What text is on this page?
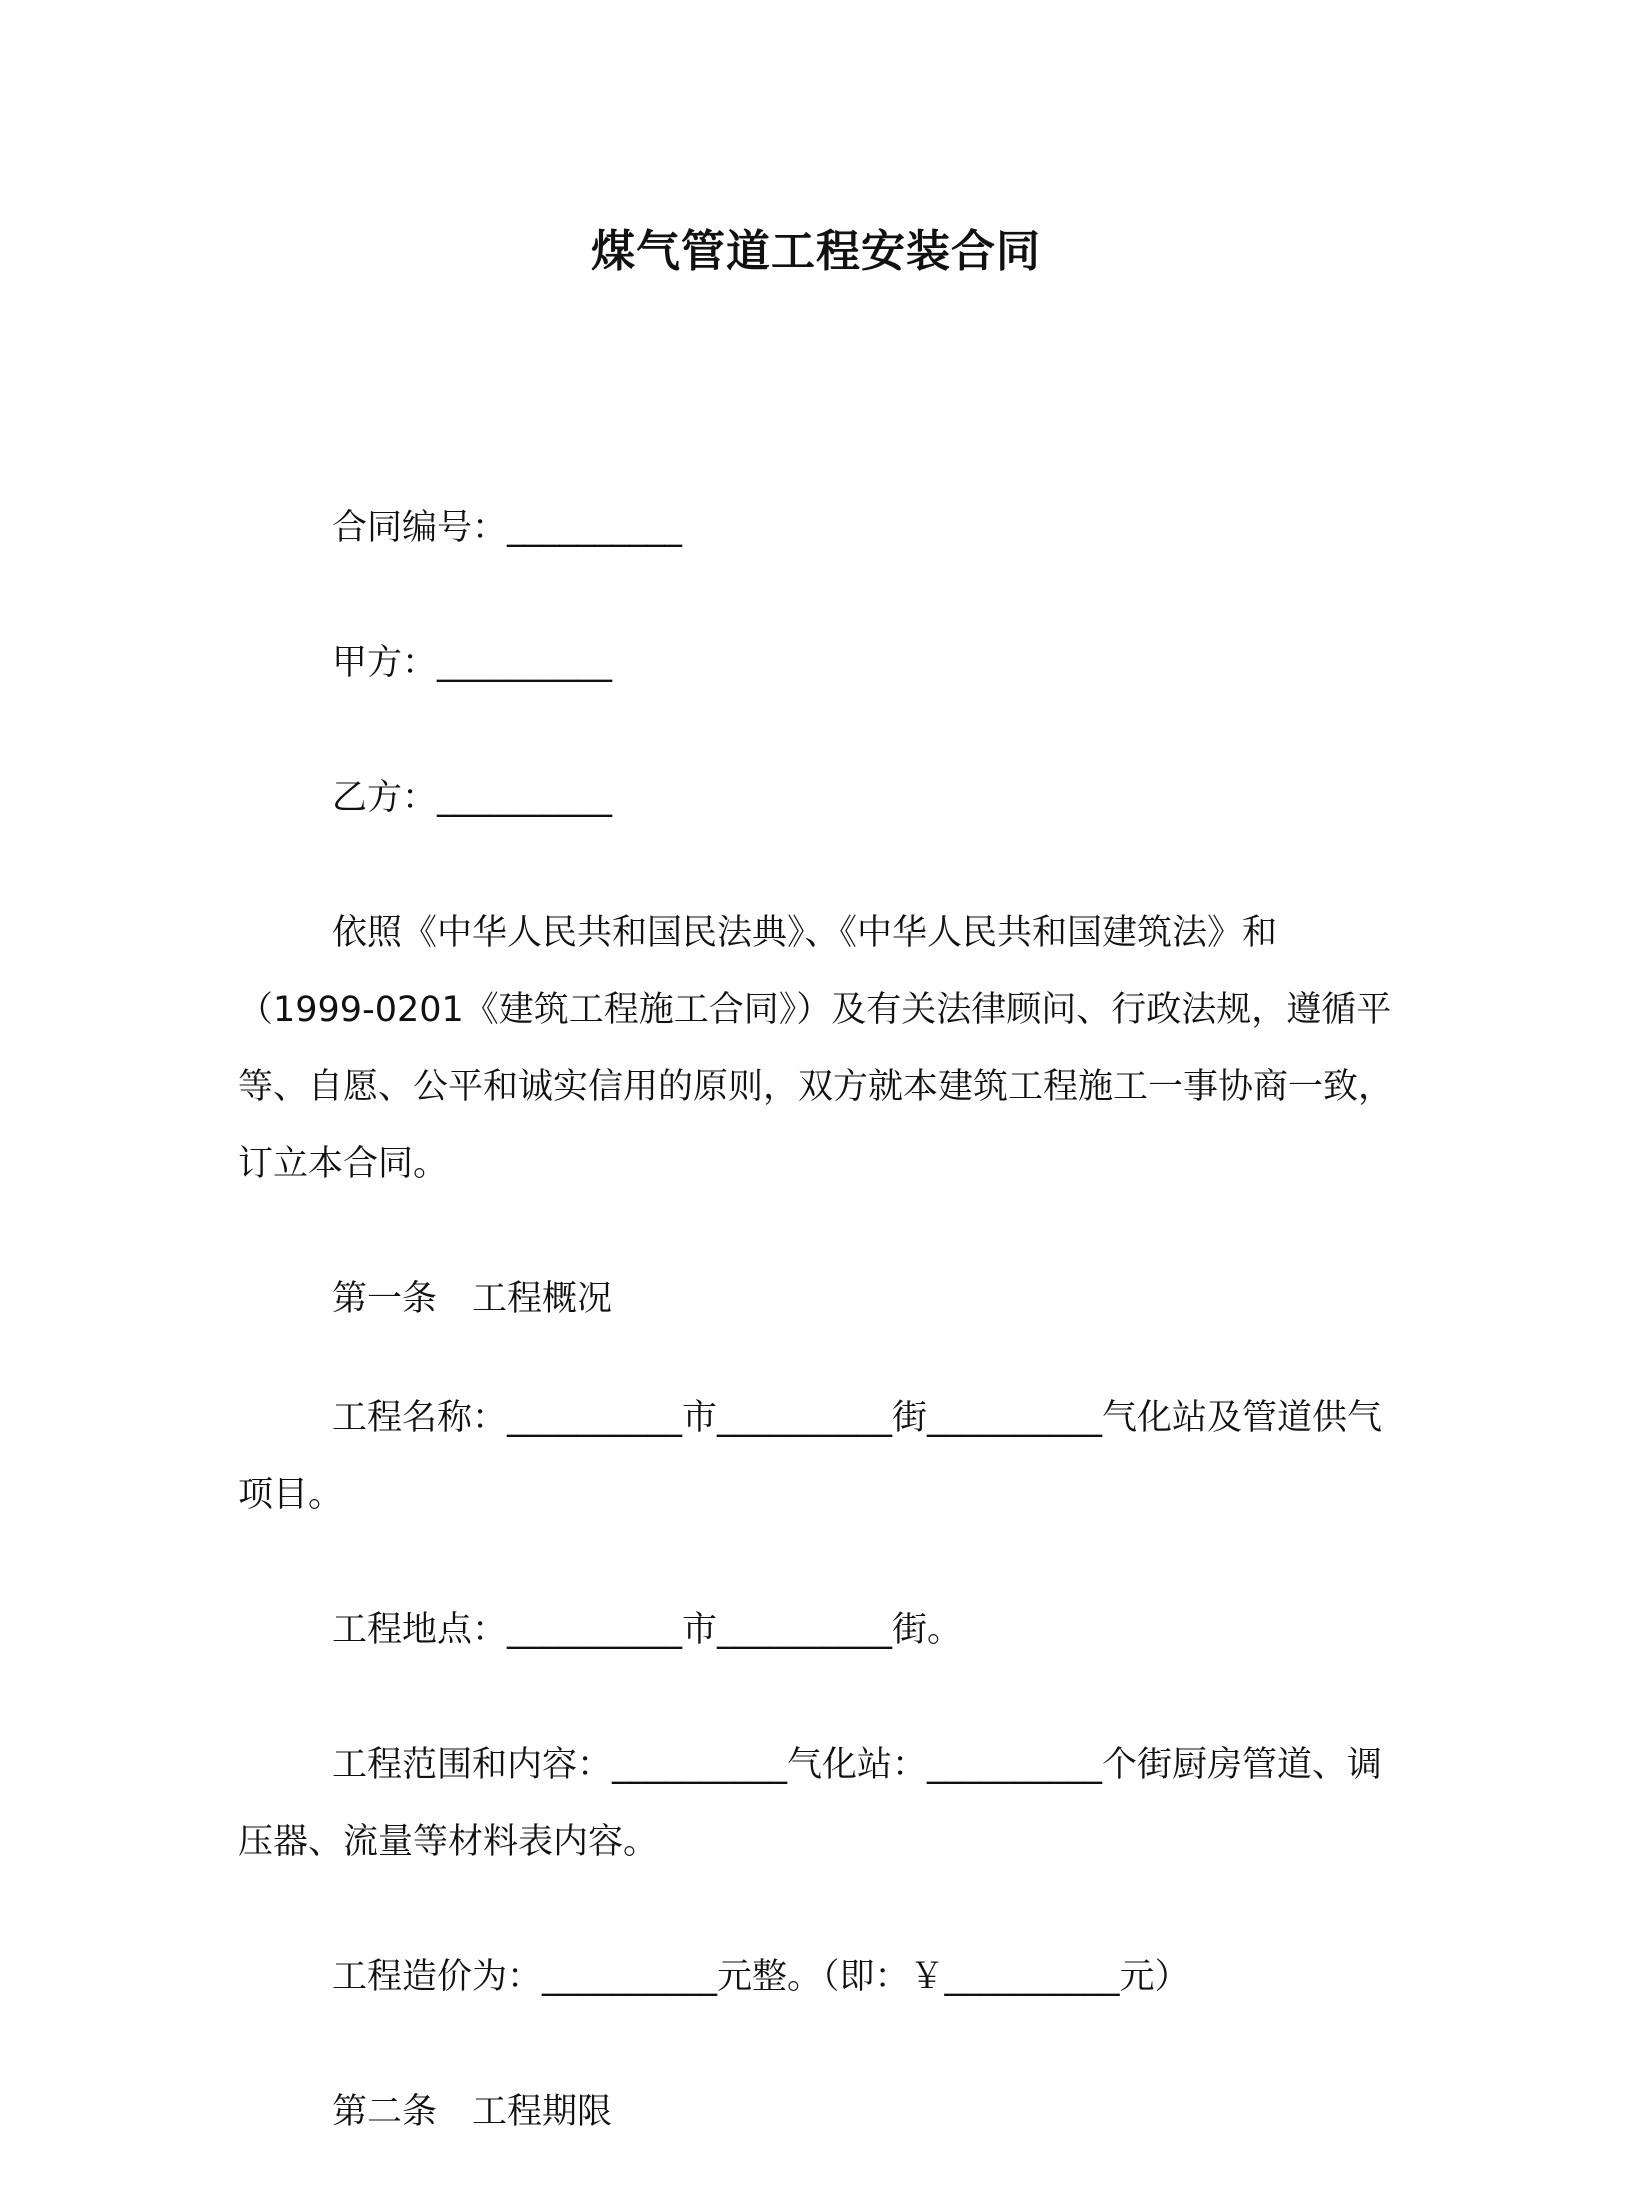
煤气管道工程安装合同

合同编号：__________

甲方：__________

乙方：__________

依照《中华人民共和国民法典》、《中华人民共和国建筑法》和（1999-0201《建筑工程施工合同》）及有关法律顾问、行政法规，遵循平等、自愿、公平和诚实信用的原则，双方就本建筑工程施工一事协商一致，订立本合同。

第一条　工程概况

工程名称：__________市__________街__________气化站及管道供气项目。

工程地点：__________市__________街。

工程范围和内容：__________气化站：__________个街厨房管道、调压器、流量等材料表内容。

工程造价为：__________元整。（即：￥__________元）

第二条　工程期限
